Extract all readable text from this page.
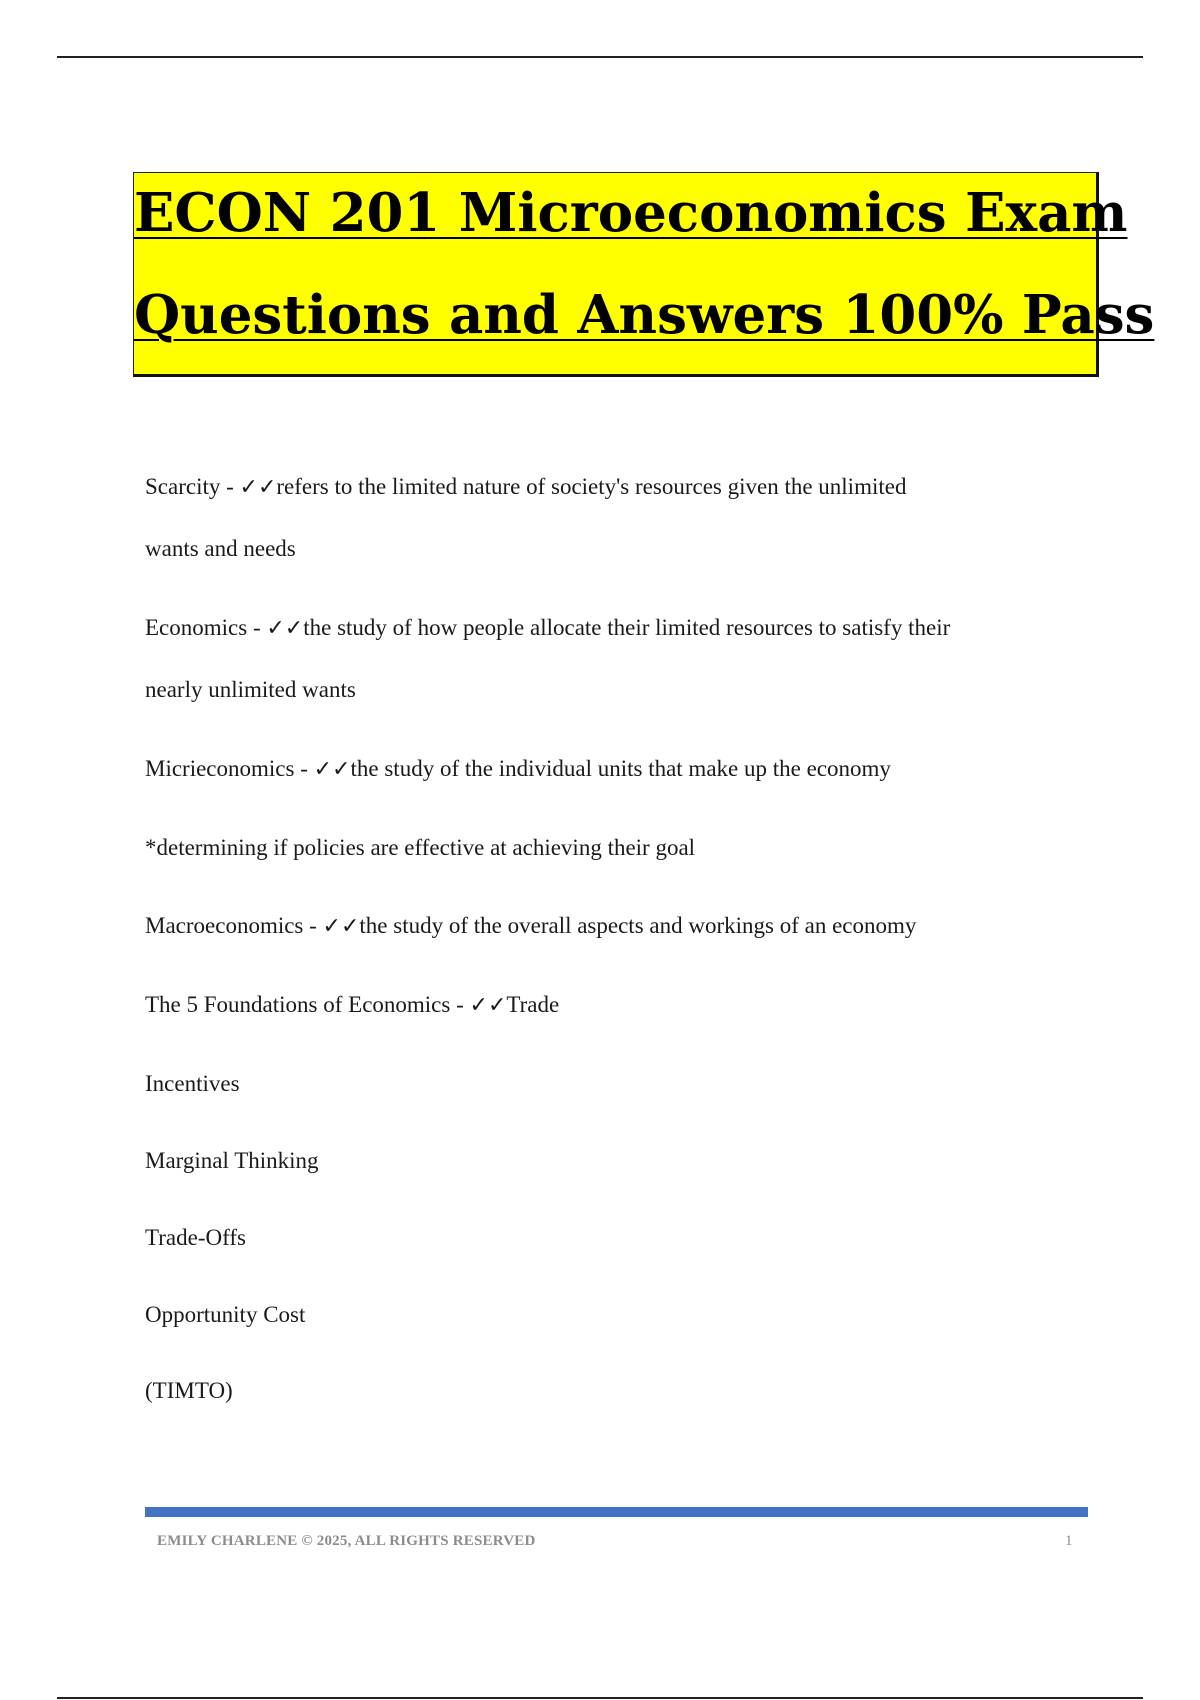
ECON 201 Microeconomics Exam
Questions and Answers 100% Pass
Scarcity - ✓✓refers to the limited nature of society's resources given the unlimited
wants and needs
Economics - ✓✓the study of how people allocate their limited resources to satisfy their
nearly unlimited wants
Micrieconomics - ✓✓the study of the individual units that make up the economy
*determining if policies are effective at achieving their goal
Macroeconomics - ✓✓the study of the overall aspects and workings of an economy
The 5 Foundations of Economics - ✓✓Trade
Incentives
Marginal Thinking
Trade-Offs
Opportunity Cost
(TIMTO)
EMILY CHARLENE © 2025, ALL RIGHTS RESERVED	1
